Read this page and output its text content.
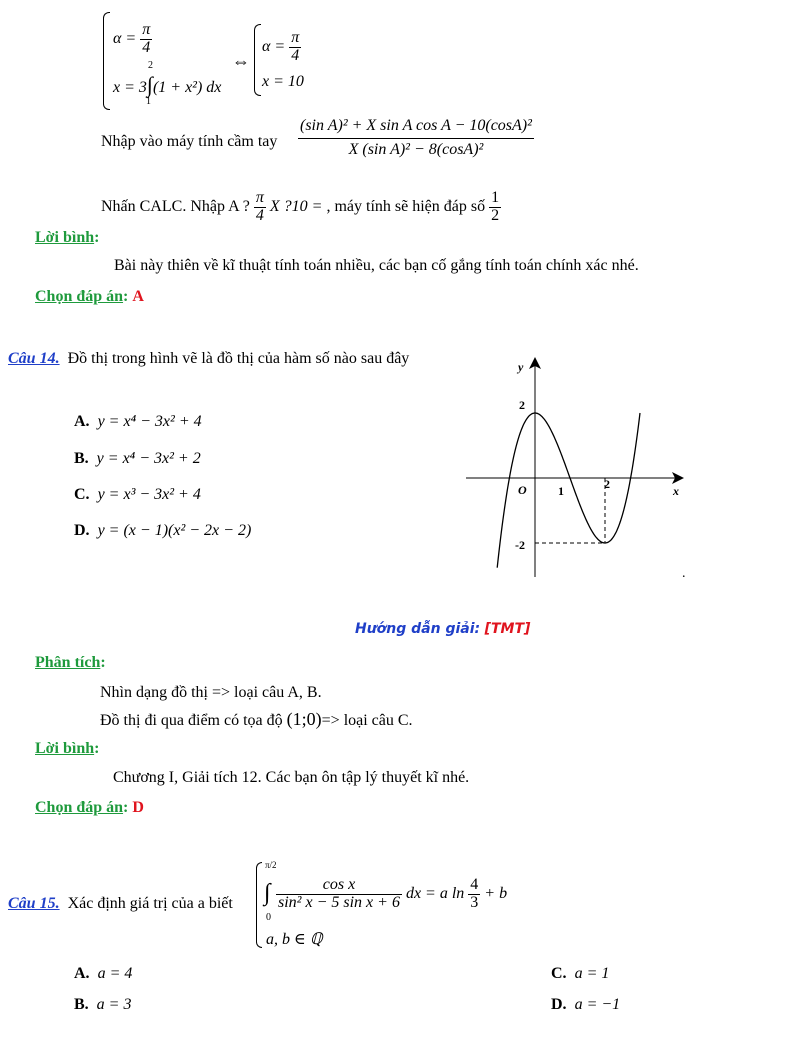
$\alpha = \frac{\pi}{4}$
x = 3∫(1 + x²) dx
2
1
⇔
$\alpha = \frac{\pi}{4}$
x = 10
Nhập vào máy tính cầm tay $\frac{\text{(sin A)² + X sin A cos A − 10(cosA)²}}{\text{X (sin A)² − 8(cosA)²}}$
Nhấn CALC. Nhập A ? $\frac{\pi}{4}$ X ?10 = , máy tính sẽ hiện đáp số $\frac{1}{2}$
Lời bình:
Bài này thiên về kĩ thuật tính toán nhiều, các bạn cố gắng tính toán chính xác nhé.
Chọn đáp án: A
Câu 14. Đồ thị trong hình vẽ là đồ thị của hàm số nào sau đây
A. y = x⁴ − 3x² + 4
B. y = x⁴ − 3x² + 2
C. y = x³ − 3x² + 4
D. y = (x − 1)(x² − 2x − 2)
x
y
O	1	2
2
-2
.
Hướng dẫn giải: [TMT]
Phân tích:
Nhìn dạng đồ thị => loại câu A, B.
Đồ thị đi qua điểm có tọa độ (1;0)=> loại câu C.
Lời bình:
Chương I, Giải tích 12. Các bạn ôn tập lý thuyết kĩ nhé.
Chọn đáp án: D
Câu 15. Xác định giá trị của a biết
π/2
∫
0
$\frac{\text{cos x}}{\text{sin² x − 5 sin x + 6}}$ dx = a $\ln \frac{4}{3} + b$
a, b ∈ ℚ
A. a = 4	C. a = 1
B. a = 3	D. a = −1
